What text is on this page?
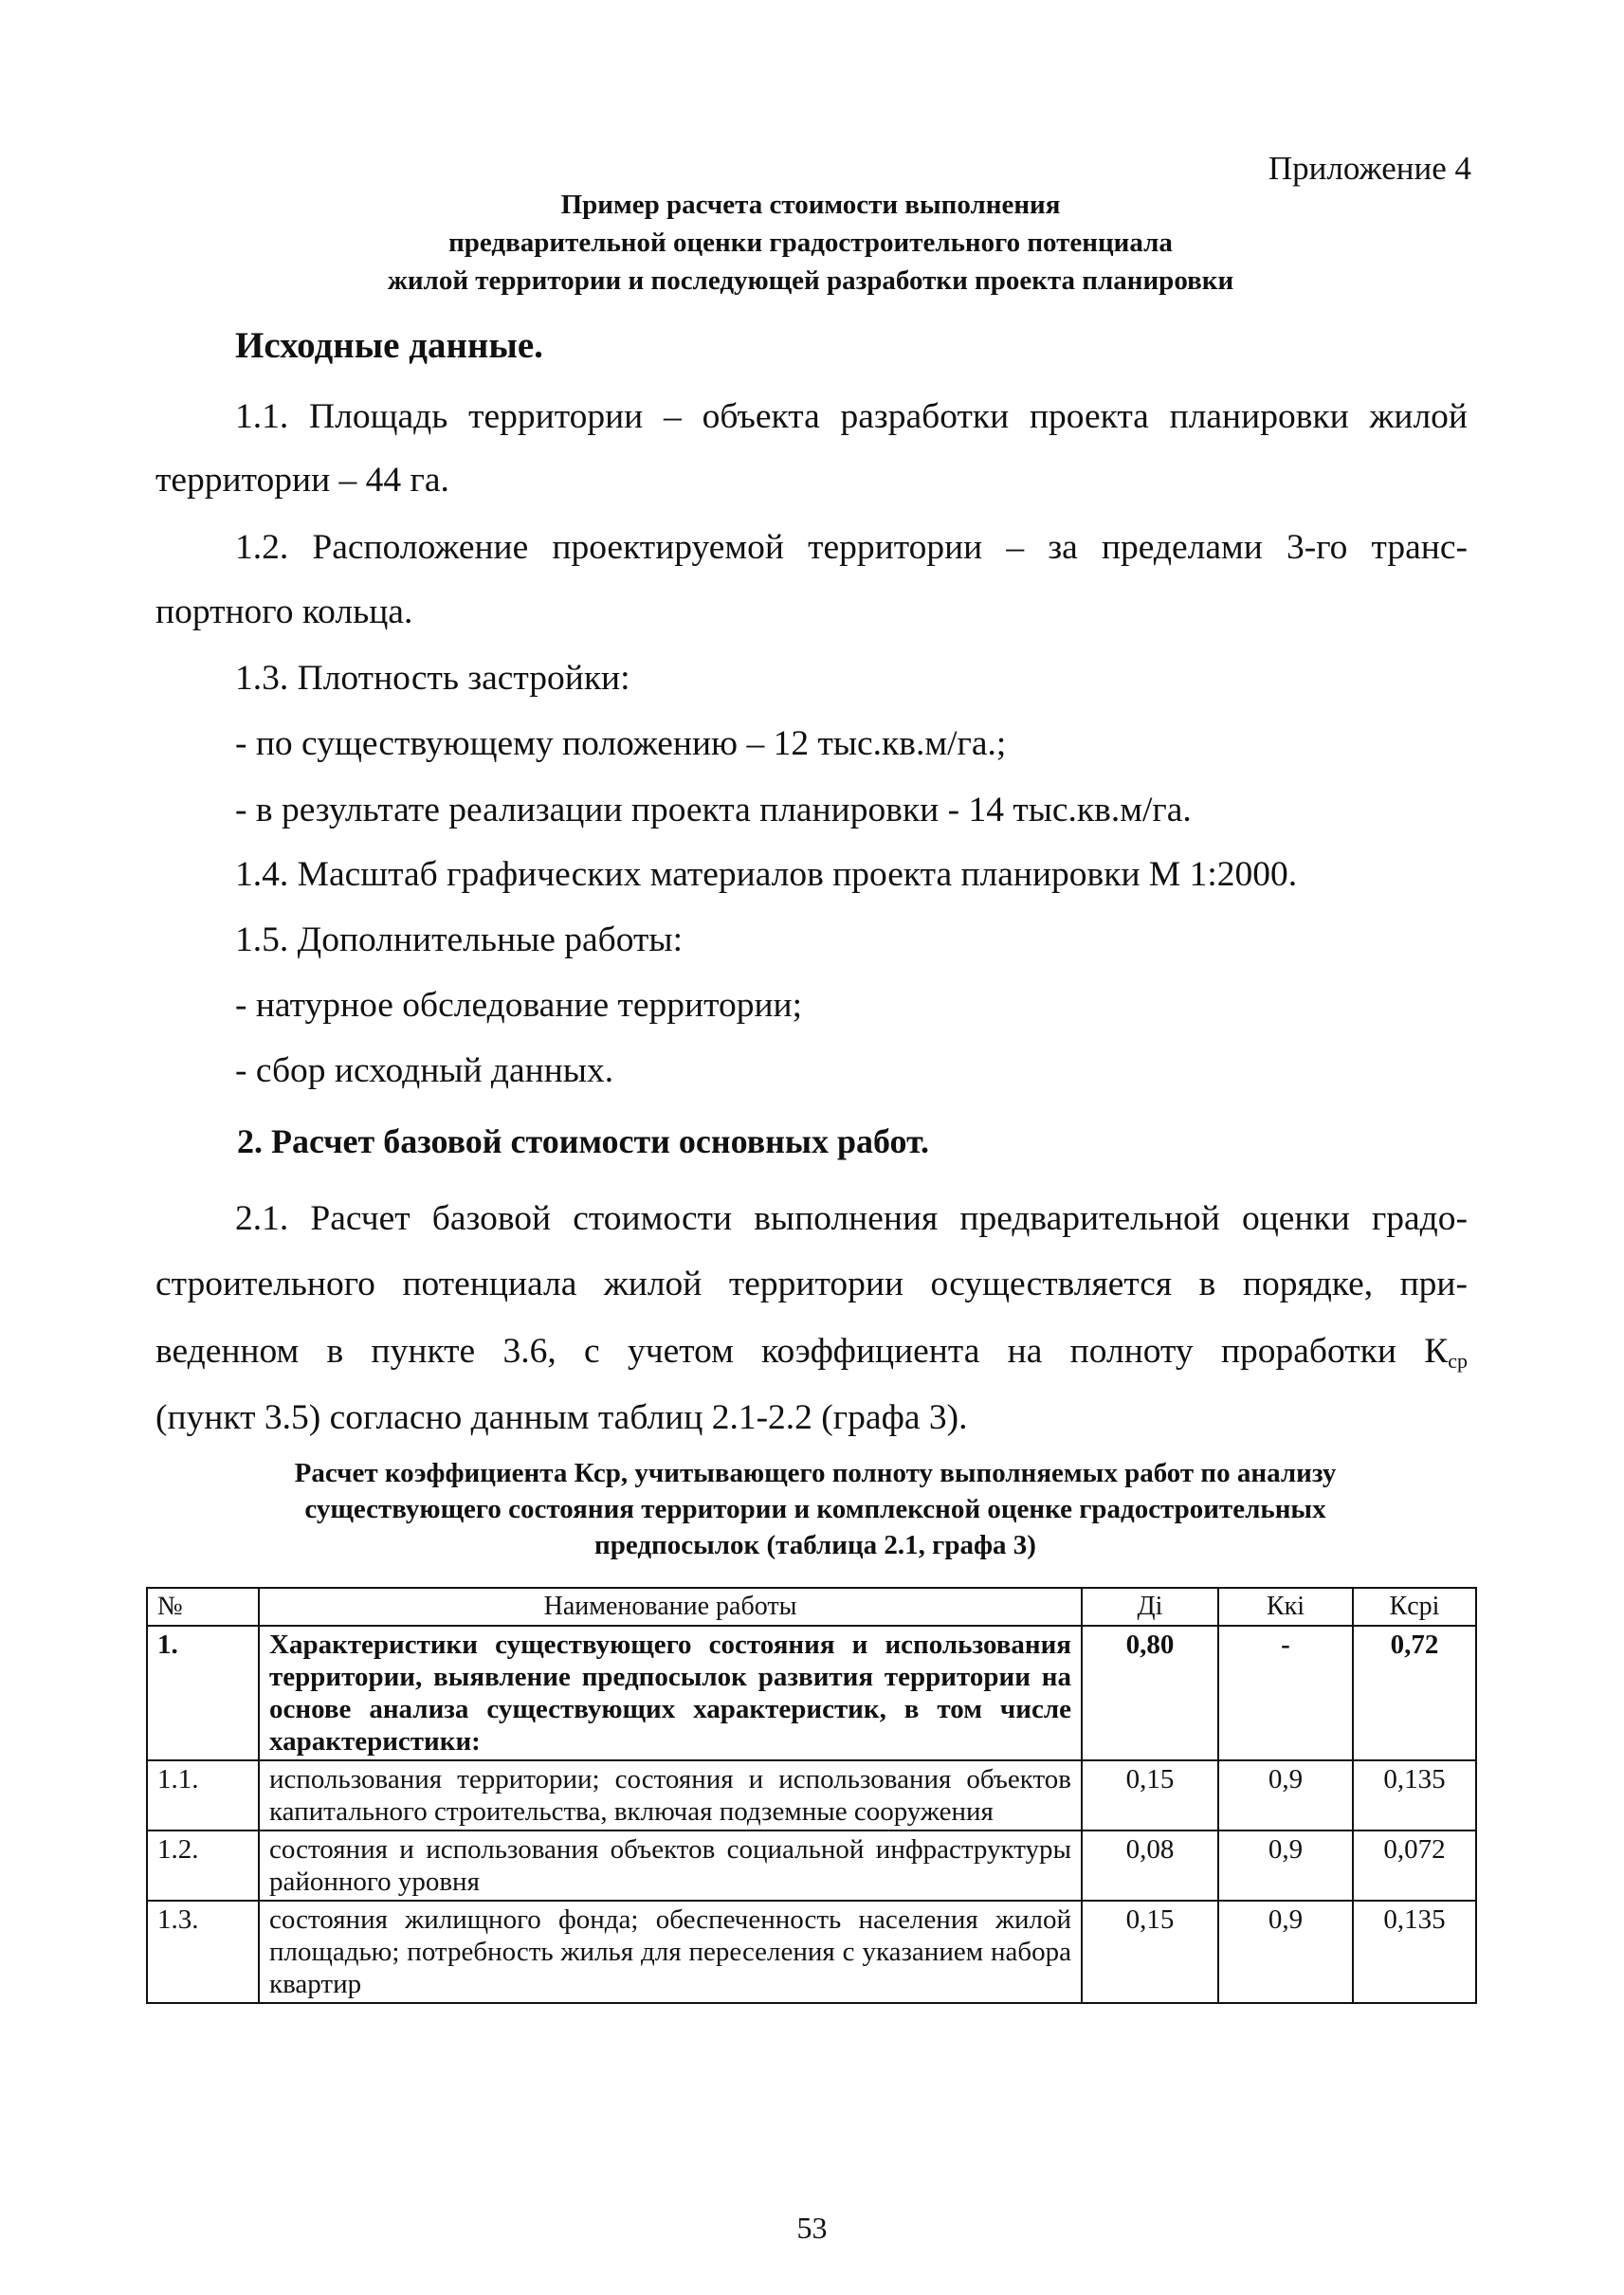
Приложение 4
Пример расчета стоимости выполнения
предварительной оценки градостроительного потенциала
жилой территории и последующей разработки проекта планировки
Исходные данные.
1.1. Площадь территории – объекта разработки проекта планировки жилой
территории – 44 га.
1.2. Расположение проектируемой территории – за пределами 3-го транс-
портного кольца.
1.3. Плотность застройки:
- по существующему положению – 12 тыс.кв.м/га.;
- в результате реализации проекта планировки - 14 тыс.кв.м/га.
1.4. Масштаб графических материалов проекта планировки М 1:2000.
1.5. Дополнительные работы:
- натурное обследование территории;
- сбор исходный данных.
2. Расчет базовой стоимости основных работ.
2.1. Расчет базовой стоимости выполнения предварительной оценки градо-
строительного потенциала жилой территории осуществляется в порядке, при-
веденном в пункте 3.6, с учетом коэффициента на полноту проработки $К_{ср}$
(пункт 3.5) согласно данным таблиц 2.1-2.2 (графа 3).
Расчет коэффициента Кср, учитывающего полноту выполняемых работ по анализу
существующего состояния территории и комплексной оценке градостроительных
предпосылок (таблица 2.1, графа 3)
№	Наименование работы	Дi	Ккi	Кcрi
1.	Характеристики существующего состояния и использования территории, выявление предпосылок развития территории на основе анализа существующих характеристик, в том числе характеристики:	0,80	-	0,72
1.1.	использования территории; состояния и использования объектов капитального строительства, включая подземные сооружения	0,15	0,9	0,135
1.2.	состояния и использования объектов социальной инфраструктуры районного уровня	0,08	0,9	0,072
1.3.	состояния жилищного фонда; обеспеченность населения жилой площадью; потребность жилья для переселения с указанием набора квартир	0,15	0,9	0,135
53
